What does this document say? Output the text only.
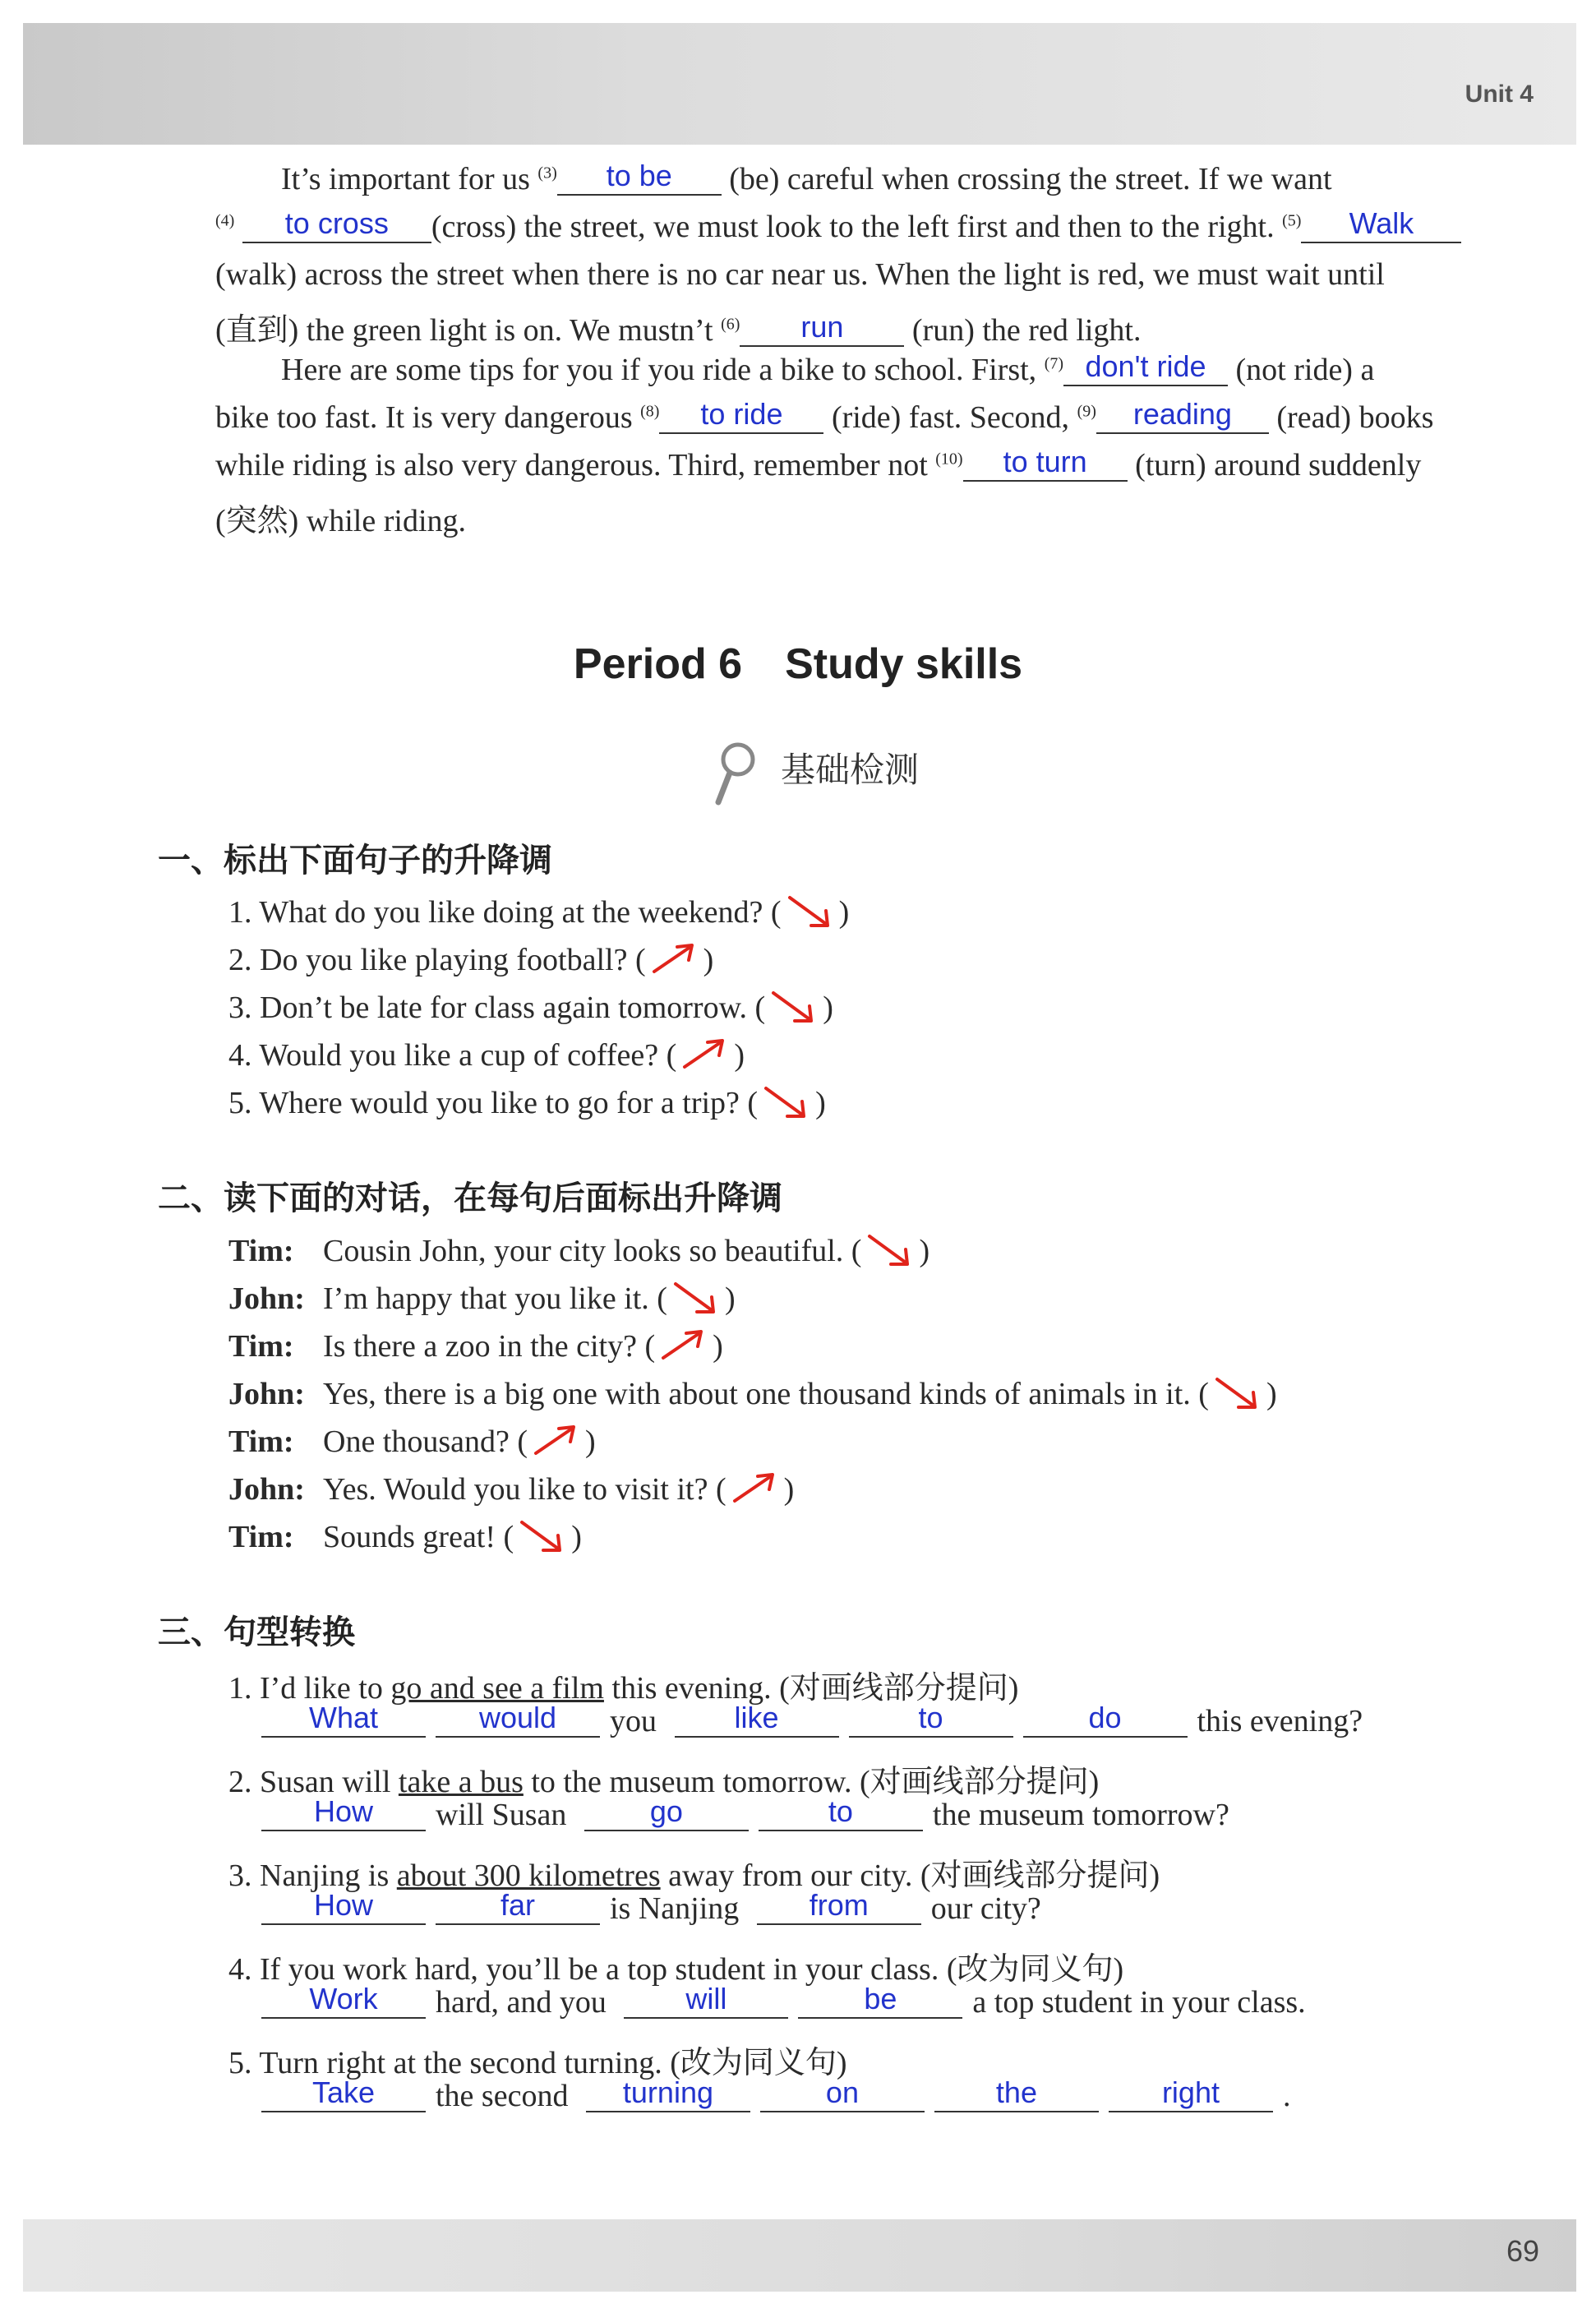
Unit 4
It’s important for us $^{(3)}$ to be (be) careful when crossing the street. If we want
$^{(4)}$ to cross (cross) the street, we must look to the left first and then to the right. $^{(5)}$ Walk
(walk) across the street when there is no car near us. When the light is red, we must wait until
(直到) the green light is on. We mustn’t $^{(6)}$ run (run) the red light.
Here are some tips for you if you ride a bike to school. First, $^{(7)}$ don't ride (not ride) a
bike too fast. It is very dangerous $^{(8)}$ to ride (ride) fast. Second, $^{(9)}$ reading (read) books
while riding is also very dangerous. Third, remember not $^{(10)}$ to turn (turn) around suddenly
(突然) while riding.
Period 6 Study skills
基础检测
一、标出下面句子的升降调
1. What do you like doing at the weekend? ( )
2. Do you like playing football? ( )
3. Don’t be late for class again tomorrow. ( )
4. Would you like a cup of coffee? ( )
5. Where would you like to go for a trip? ( )
二、读下面的对话，在每句后面标出升降调
Tim: Cousin John, your city looks so beautiful. ( )
John: I’m happy that you like it. ( )
Tim: Is there a zoo in the city? ( )
John: Yes, there is a big one with about one thousand kinds of animals in it. ( )
Tim: One thousand? ( )
John: Yes. Would you like to visit it? ( )
Tim: Sounds great! ( )
三、句型转换
1. I’d like to go and see a film this evening. (对画线部分提问)
What	would you	like	to	do this evening?
2. Susan will take a bus to the museum tomorrow. (对画线部分提问)
How will Susan	go	to	the museum tomorrow?
3. Nanjing is about 300 kilometres away from our city. (对画线部分提问)
How	far is Nanjing from our city?
4. If you work hard, you’ll be a top student in your class. (改为同义句)
Work hard, and you	will	be a top student in your class.
5. Turn right at the second turning. (改为同义句)
Take the second turning	on	the	right .
69
